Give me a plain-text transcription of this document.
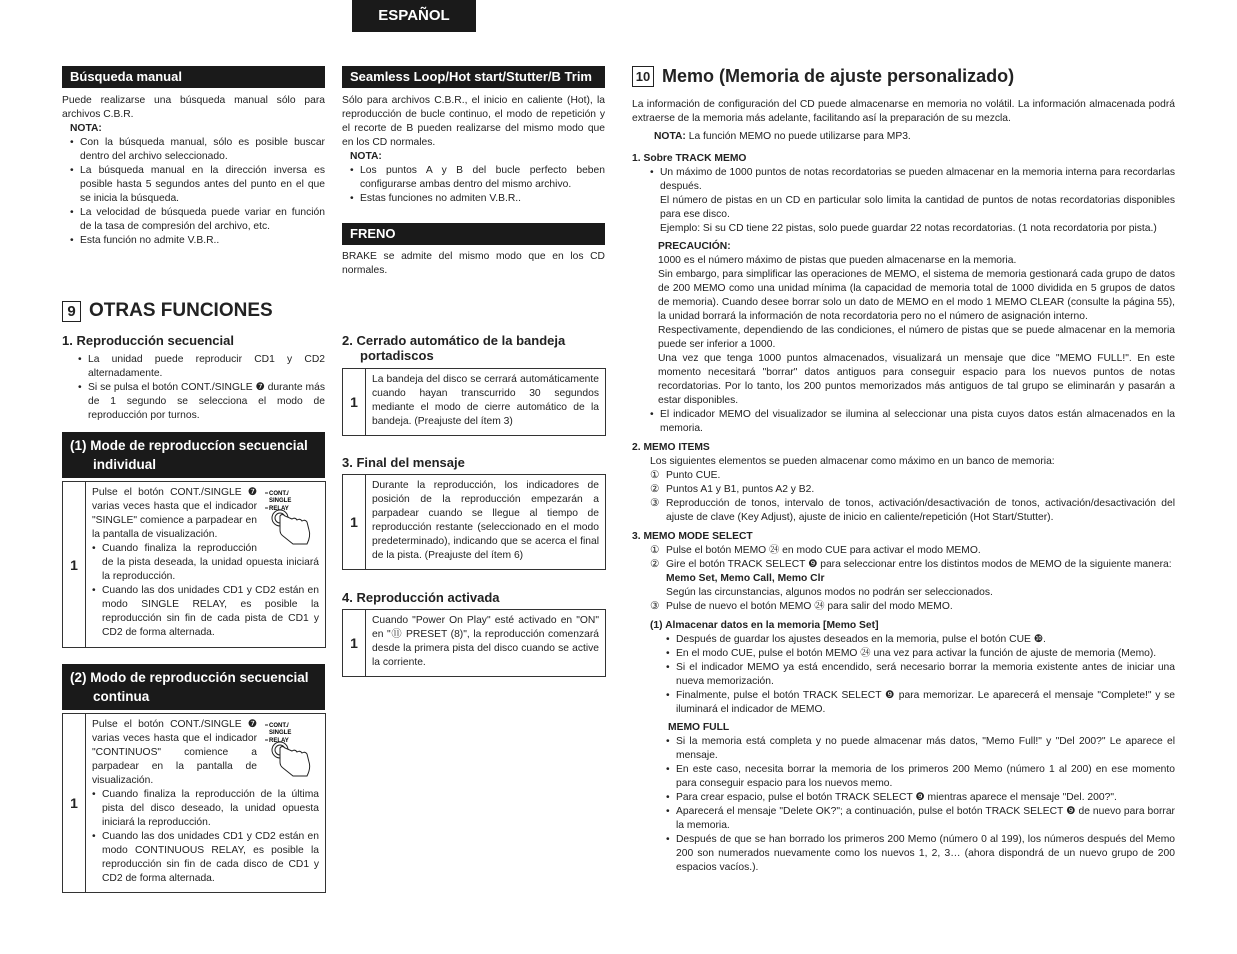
ESPAÑOL
Búsqueda manual

Puede realizarse una búsqueda manual sólo para archivos C.B.R.

NOTA:
• Con la búsqueda manual, sólo es posible buscar dentro del archivo seleccionado.
• La búsqueda manual en la dirección inversa es posible hasta 5 segundos antes del punto en el que se inicia la búsqueda.
• La velocidad de búsqueda puede variar en función de la tasa de compresión del archivo, etc.
• Esta función no admite V.B.R..
Seamless Loop/Hot start/Stutter/B Trim

Sólo para archivos C.B.R., el inicio en caliente (Hot), la reproducción de bucle continuo, el modo de repetición y el recorte de B pueden realizarse del mismo modo que en los CD normales.

NOTA:
• Los puntos A y B del bucle perfecto beben configurarse ambas dentro del mismo archivo.
• Estas funciones no admiten V.B.R..
FRENO
BRAKE se admite del mismo modo que en los CD normales.
9 OTRAS FUNCIONES
1. Reproducción secuencial
• La unidad puede reproducir CD1 y CD2 alternadamente.
• Si se pulsa el botón CONT./SINGLE ❼ durante más de 1 segundo se selecciona el modo de reproducción por turnos.
(1) Mode de reproduccíon secuencial
individual
1
CONT./
SINGLE
RELAY

Pulse el botón CONT./SINGLE ❼ varias veces hasta que el indicador "SINGLE" comience a parpadear en la pantalla de visualización.

• Cuando finaliza la reproducción de la pista deseada, la unidad opuesta iniciará la reproducción.
• Cuando las dos unidades CD1 y CD2 están en modo SINGLE RELAY, es posible la reproducción sin fin de cada pista de CD1 y CD2 de forma alternada.
(2) Modo de reproducción secuencial
continua
1
CONT./
SINGLE
RELAY

Pulse el botón CONT./SINGLE ❼ varias veces hasta que el indicador "CONTINUOS" comience a parpadear en la pantalla de visualización.

• Cuando finaliza la reproducción de la última pista del disco deseado, la unidad opuesta iniciará la reproducción.
• Cuando las dos unidades CD1 y CD2 están en modo CONTINUOUS RELAY, es posible la reproducción sin fin de cada disco de CD1 y CD2 de forma alternada.
2. Cerrado automático de la bandeja
portadiscos
1
La bandeja del disco se cerrará automáticamente cuando hayan transcurrido 30 segundos mediante el modo de cierre automático de la bandeja. (Preajuste del ítem 3)
3. Final del mensaje
1
Durante la reproducción, los indicadores de posición de la reproducción empezarán a parpadear cuando se llegue al tiempo de reproducción restante (seleccionado en el modo predeterminado), indicando que se acerca el final de la pista. (Preajuste del ítem 6)
4. Reproducción activada
1
Cuando "Power On Play" esté activado en "ON" en "⑪ PRESET (8)", la reproducción comenzará desde la primera pista del disco cuando se active la corriente.
10 Memo (Memoria de ajuste personalizado)

La información de configuración del CD puede almacenarse en memoria no volátil. La información almacenada podrá extraerse de la memoria más adelante, facilitando así la preparación de su mezcla.

NOTA: La función MEMO no puede utilizarse para MP3.

1. Sobre TRACK MEMO

• Un máximo de 1000 puntos de notas recordatorias se pueden almacenar en la memoria interna para recordarlas después.
El número de pistas en un CD en particular solo limita la cantidad de puntos de notas recordatorias disponibles para ese disco.
Ejemplo: Si su CD tiene 22 pistas, solo puede guardar 22 notas recordatorias. (1 nota recordatoria por pista.)

PRECAUCIÓN:

1000 es el número máximo de pistas que pueden almacenarse en la memoria.

Sin embargo, para simplificar las operaciones de MEMO, el sistema de memoria gestionará cada grupo de datos de 200 MEMO como una unidad mínima (la capacidad de memoria total de 1000 dividida en 5 grupos de datos de memoria). Cuando desee borrar solo un dato de MEMO en el modo 1 MEMO CLEAR (consulte la página 55), la unidad borrará la información de nota recordatoria pero no el número de asignación interno.

Respectivamente, dependiendo de las condiciones, el número de pistas que se puede almacenar en la memoria puede ser inferior a 1000.

Una vez que tenga 1000 puntos almacenados, visualizará un mensaje que dice "MEMO FULL!". En este momento necesitará "borrar" datos antiguos para conseguir espacio para los nuevos puntos de notas recordatorias. Por lo tanto, los 200 puntos memorizados más antiguos de tal grupo se eliminarán y pasarán a estar disponibles.

• El indicador MEMO del visualizador se ilumina al seleccionar una pista cuyos datos están almacenados en la memoria.

2. MEMO ITEMS

Los siguientes elementos se pueden almacenar como máximo en un banco de memoria:

① Punto CUE.
② Puntos A1 y B1, puntos A2 y B2.
③ Reproducción de tonos, intervalo de tonos, activación/desactivación de tonos, activación/desactivación del ajuste de clave (Key Adjust), ajuste de inicio en caliente/repetición (Hot Start/Stutter).

3. MEMO MODE SELECT

① Pulse el botón MEMO ㉔ en modo CUE para activar el modo MEMO.
② Gire el botón TRACK SELECT ❾ para seleccionar entre los distintos modos de MEMO de la siguiente manera:

Memo Set, Memo Call, Memo Clr

Según las circunstancias, algunos modos no podrán ser seleccionados.

③ Pulse de nuevo el botón MEMO ㉔ para salir del modo MEMO.

(1) Almacenar datos en la memoria [Memo Set]

• Después de guardar los ajustes deseados en la memoria, pulse el botón CUE ❿.
• En el modo CUE, pulse el botón MEMO ㉔ una vez para activar la función de ajuste de memoria (Memo).
• Si el indicador MEMO ya está encendido, será necesario borrar la memoria existente antes de iniciar una nueva memorización.
• Finalmente, pulse el botón TRACK SELECT ❾ para memorizar. Le aparecerá el mensaje "Complete!" y se iluminará el indicador de MEMO.

MEMO FULL

• Si la memoria está completa y no puede almacenar más datos, "Memo Full!" y "Del 200?" Le aparece el mensaje.
• En este caso, necesita borrar la memoria de los primeros 200 Memo (número 1 al 200) en ese momento para conseguir espacio para los nuevos memo.
• Para crear espacio, pulse el botón TRACK SELECT ❾ mientras aparece el mensaje "Del. 200?".
• Aparecerá el mensaje "Delete OK?"; a continuación, pulse el botón TRACK SELECT ❾ de nuevo para borrar la memoria.
• Después de que se han borrado los primeros 200 Memo (número 0 al 199), los números después del Memo 200 son numerados nuevamente como los nuevos 1, 2, 3… (ahora dispondrá de un nuevo grupo de 200 espacios vacíos.).
